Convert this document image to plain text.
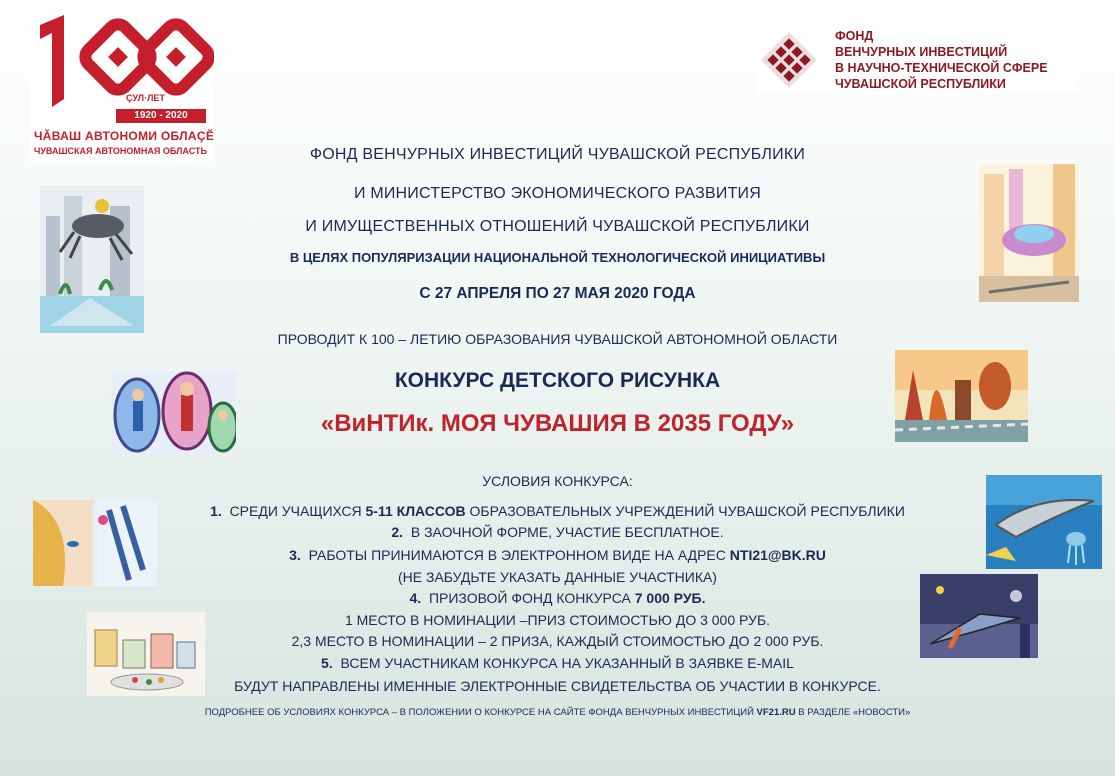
ÇУЛ·ЛЕТ
1920 - 2020
ЧĂВАШ АВТОНОМИ ОБЛАÇĔ
ЧУВАШСКАЯ АВТОНОМНАЯ ОБЛАСТЬ
ФОНД
ВЕНЧУРНЫХ ИНВЕСТИЦИЙ
В НАУЧНО-ТЕХНИЧЕСКОЙ СФЕРЕ
ЧУВАШСКОЙ РЕСПУБЛИКИ
ФОНД ВЕНЧУРНЫХ ИНВЕСТИЦИЙ ЧУВАШСКОЙ РЕСПУБЛИКИ
И МИНИСТЕРСТВО ЭКОНОМИЧЕСКОГО РАЗВИТИЯ
И ИМУЩЕСТВЕННЫХ ОТНОШЕНИЙ ЧУВАШСКОЙ РЕСПУБЛИКИ
В ЦЕЛЯХ ПОПУЛЯРИЗАЦИИ НАЦИОНАЛЬНОЙ ТЕХНОЛОГИЧЕСКОЙ ИНИЦИАТИВЫ
С 27 АПРЕЛЯ ПО 27 МАЯ 2020 ГОДА
ПРОВОДИТ К 100 – ЛЕТИЮ ОБРАЗОВАНИЯ ЧУВАШСКОЙ АВТОНОМНОЙ ОБЛАСТИ
КОНКУРС ДЕТСКОГО РИСУНКА
«ВиНТИк. МОЯ ЧУВАШИЯ В 2035 ГОДУ»
УСЛОВИЯ КОНКУРСА:
1. СРЕДИ УЧАЩИХСЯ 5-11 КЛАССОВ ОБРАЗОВАТЕЛЬНЫХ УЧРЕЖДЕНИЙ ЧУВАШСКОЙ РЕСПУБЛИКИ
2. В ЗАОЧНОЙ ФОРМЕ, УЧАСТИЕ БЕСПЛАТНОЕ.
3. РАБОТЫ ПРИНИМАЮТСЯ В ЭЛЕКТРОННОМ ВИДЕ НА АДРЕС NTI21@BK.RU
(НЕ ЗАБУДЬТЕ УКАЗАТЬ ДАННЫЕ УЧАСТНИКА)
4. ПРИЗОВОЙ ФОНД КОНКУРСА 7 000 РУБ.
1 МЕСТО В НОМИНАЦИИ –ПРИЗ СТОИМОСТЬЮ ДО 3 000 РУБ.
2,3 МЕСТО В НОМИНАЦИИ – 2 ПРИЗА, КАЖДЫЙ СТОИМОСТЬЮ ДО 2 000 РУБ.
5. ВСЕМ УЧАСТНИКАМ КОНКУРСА НА УКАЗАННЫЙ В ЗАЯВКЕ E-MAIL
БУДУТ НАПРАВЛЕНЫ ИМЕННЫЕ ЭЛЕКТРОННЫЕ СВИДЕТЕЛЬСТВА ОБ УЧАСТИИ В КОНКУРСЕ.
ПОДРОБНЕЕ ОБ УСЛОВИЯХ КОНКУРСА – В ПОЛОЖЕНИИ О КОНКУРСЕ НА САЙТЕ ФОНДА ВЕНЧУРНЫХ ИНВЕСТИЦИЙ VF21.RU В РАЗДЕЛЕ «НОВОСТИ»
